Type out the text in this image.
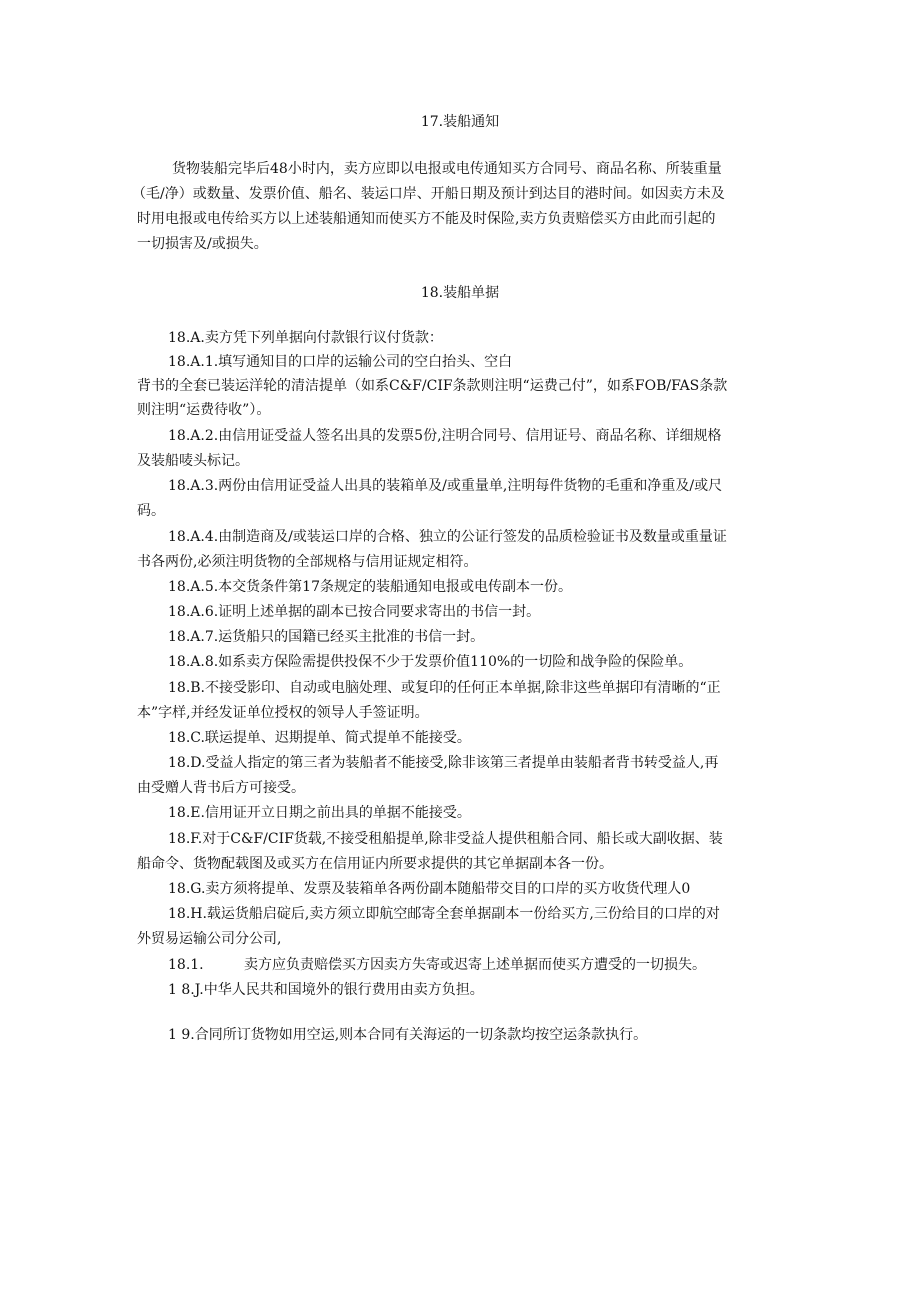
17.装船通知
货物装船完毕后48小时内，卖方应即以电报或电传通知买方合同号、商品名称、所装重量
（毛/净）或数量、发票价值、船名、装运口岸、开船日期及预计到达目的港时间。如因卖方未及
时用电报或电传给买方以上述装船通知而使买方不能及时保险,卖方负责赔偿买方由此而引起的
一切损害及/或损失。
18.装船单据
18.A.卖方凭下列单据向付款银行议付货款：
18.A.1.填写通知目的口岸的运输公司的空白抬头、空白
背书的全套已装运洋轮的清洁提单（如系C&F/CIF条款则注明“运费己付”，如系FOB/FAS条款
则注明“运费待收”）。
18.A.2.由信用证受益人签名出具的发票5份,注明合同号、信用证号、商品名称、详细规格
及装船唛头标记。
18.A.3.两份由信用证受益人出具的装箱单及/或重量单,注明每件货物的毛重和净重及/或尺
码。
18.A.4.由制造商及/或装运口岸的合格、独立的公证行签发的品质检验证书及数量或重量证
书各两份,必须注明货物的全部规格与信用证规定相符。
18.A.5.本交货条件第17条规定的装船通知电报或电传副本一份。
18.A.6.证明上述单据的副本已按合同要求寄出的书信一封。
18.A.7.运货船只的国籍已经买主批准的书信一封。
18.A.8.如系卖方保险需提供投保不少于发票价值110%的一切险和战争险的保险单。
18.B.不接受影印、自动或电脑处理、或复印的任何正本单据,除非这些单据印有清晰的“正
本”字样,并经发证单位授权的领导人手签证明。
18.C.联运提单、迟期提单、简式提单不能接受。
18.D.受益人指定的第三者为装船者不能接受,除非该第三者提单由装船者背书转受益人,再
由受赠人背书后方可接受。
18.E.信用证开立日期之前出具的单据不能接受。
18.F.对于C&F/CIF货载,不接受租船提单,除非受益人提供租船合同、船长或大副收据、装
船命令、货物配载图及或买方在信用证内所要求提供的其它单据副本各一份。
18.G.卖方须将提单、发票及装箱单各两份副本随船带交目的口岸的买方收货代理人0
18.H.载运货船启碇后,卖方须立即航空邮寄全套单据副本一份给买方,三份给目的口岸的对
外贸易运输公司分公司,
18.1.	卖方应负责赔偿买方因卖方失寄或迟寄上述单据而使买方遭受的一切损失。
1 8.J.中华人民共和国境外的银行费用由卖方负担。
1 9.合同所订货物如用空运,则本合同有关海运的一切条款均按空运条款执行。
